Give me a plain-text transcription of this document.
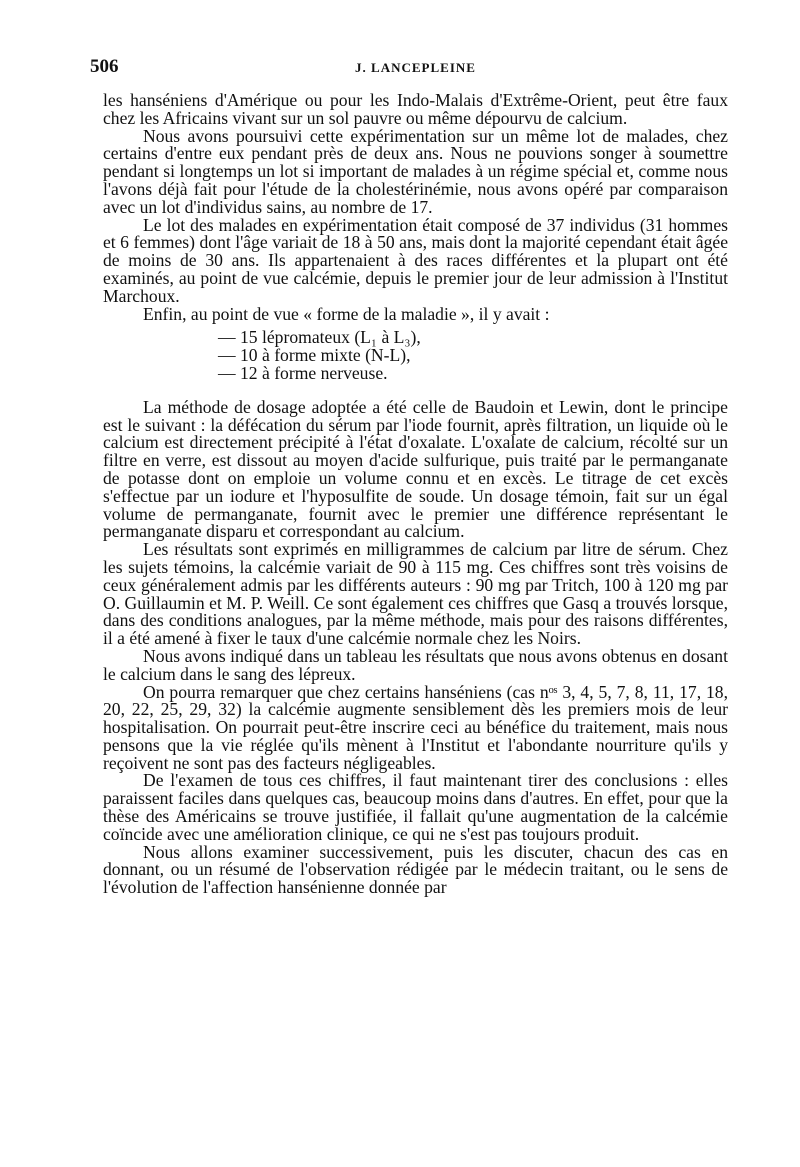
506	J. LANCEPLEINE

les hanséniens d'Amérique ou pour les Indo-Malais d'Extrême-Orient, peut être faux chez les Africains vivant sur un sol pauvre ou même dépourvu de calcium.

Nous avons poursuivi cette expérimentation sur un même lot de malades, chez certains d'entre eux pendant près de deux ans. Nous ne pouvions songer à soumettre pendant si longtemps un lot si important de malades à un régime spécial et, comme nous l'avons déjà fait pour l'étude de la cholestérinémie, nous avons opéré par comparaison avec un lot d'individus sains, au nombre de 17.

Le lot des malades en expérimentation était composé de 37 individus (31 hommes et 6 femmes) dont l'âge variait de 18 à 50 ans, mais dont la majorité cependant était âgée de moins de 30 ans. Ils appartenaient à des races différentes et la plupart ont été examinés, au point de vue calcémie, depuis le premier jour de leur admission à l'Institut Marchoux.

Enfin, au point de vue « forme de la maladie », il y avait :

— 15 lépromateux (L₁ à L₃),
— 10 à forme mixte (N-L),
— 12 à forme nerveuse.

La méthode de dosage adoptée a été celle de Baudoin et Lewin, dont le principe est le suivant : la défécation du sérum par l'iode fournit, après filtration, un liquide où le calcium est directement précipité à l'état d'oxalate. L'oxalate de calcium, récolté sur un filtre en verre, est dissout au moyen d'acide sulfurique, puis traité par le permanganate de potasse dont on emploie un volume connu et en excès. Le titrage de cet excès s'effectue par un iodure et l'hyposulfite de soude. Un dosage témoin, fait sur un égal volume de permanganate, fournit avec le premier une différence représentant le permanganate disparu et correspondant au calcium.

Les résultats sont exprimés en milligrammes de calcium par litre de sérum. Chez les sujets témoins, la calcémie variait de 90 à 115 mg. Ces chiffres sont très voisins de ceux généralement admis par les différents auteurs : 90 mg par Tritch, 100 à 120 mg par O. Guillaumin et M. P. Weill. Ce sont également ces chiffres que Gasq a trouvés lorsque, dans des conditions analogues, par la même méthode, mais pour des raisons différentes, il a été amené à fixer le taux d'une calcémie normale chez les Noirs.

Nous avons indiqué dans un tableau les résultats que nous avons obtenus en dosant le calcium dans le sang des lépreux.

On pourra remarquer que chez certains hanséniens (cas nᵒˢ 3, 4, 5, 7, 8, 11, 17, 18, 20, 22, 25, 29, 32) la calcémie augmente sensiblement dès les premiers mois de leur hospitalisation. On pourrait peut-être inscrire ceci au bénéfice du traitement, mais nous pensons que la vie réglée qu'ils mènent à l'Institut et l'abondante nourriture qu'ils y reçoivent ne sont pas des facteurs négligeables.

De l'examen de tous ces chiffres, il faut maintenant tirer des conclusions : elles paraissent faciles dans quelques cas, beaucoup moins dans d'autres. En effet, pour que la thèse des Américains se trouve justifiée, il fallait qu'une augmentation de la calcémie coïncide avec une amélioration clinique, ce qui ne s'est pas toujours produit.

Nous allons examiner successivement, puis les discuter, chacun des cas en donnant, ou un résumé de l'observation rédigée par le médecin traitant, ou le sens de l'évolution de l'affection hansénienne donnée par
